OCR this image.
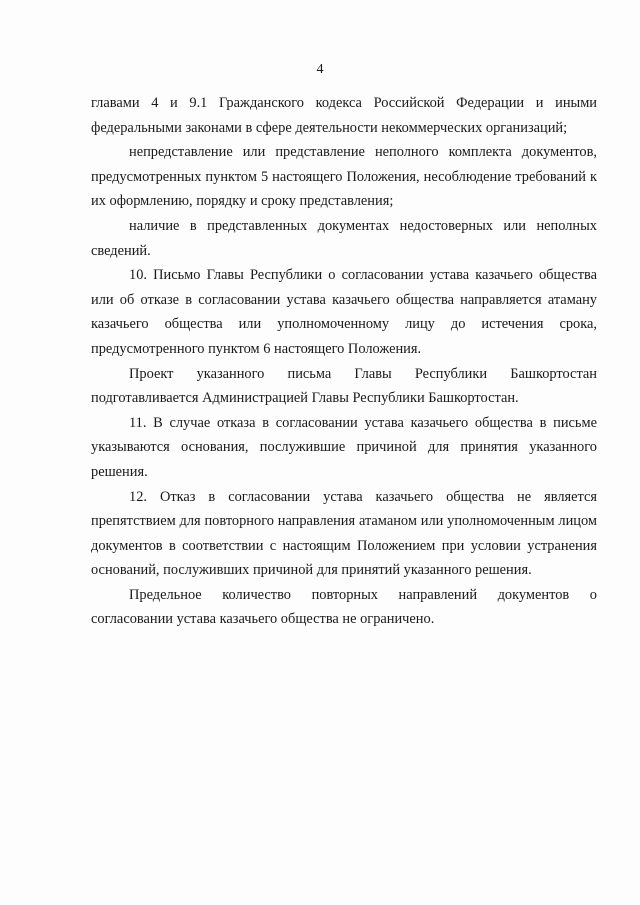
4

главами 4 и 9.1 Гражданского кодекса Российской Федерации и иными федеральными законами в сфере деятельности некоммерческих организаций;

непредставление или представление неполного комплекта документов, предусмотренных пунктом 5 настоящего Положения, несоблюдение требований к их оформлению, порядку и сроку представления;

наличие в представленных документах недостоверных или неполных сведений.

10. Письмо Главы Республики о согласовании устава казачьего общества или об отказе в согласовании устава казачьего общества направляется атаману казачьего общества или уполномоченному лицу до истечения срока, предусмотренного пунктом 6 настоящего Положения.

Проект указанного письма Главы Республики Башкортостан подготавливается Администрацией Главы Республики Башкортостан.

11. В случае отказа в согласовании устава казачьего общества в письме указываются основания, послужившие причиной для принятия указанного решения.

12. Отказ в согласовании устава казачьего общества не является препятствием для повторного направления атаманом или уполномоченным лицом документов в соответствии с настоящим Положением при условии устранения оснований, послуживших причиной для принятий указанного решения.

Предельное количество повторных направлений документов о согласовании устава казачьего общества не ограничено.
